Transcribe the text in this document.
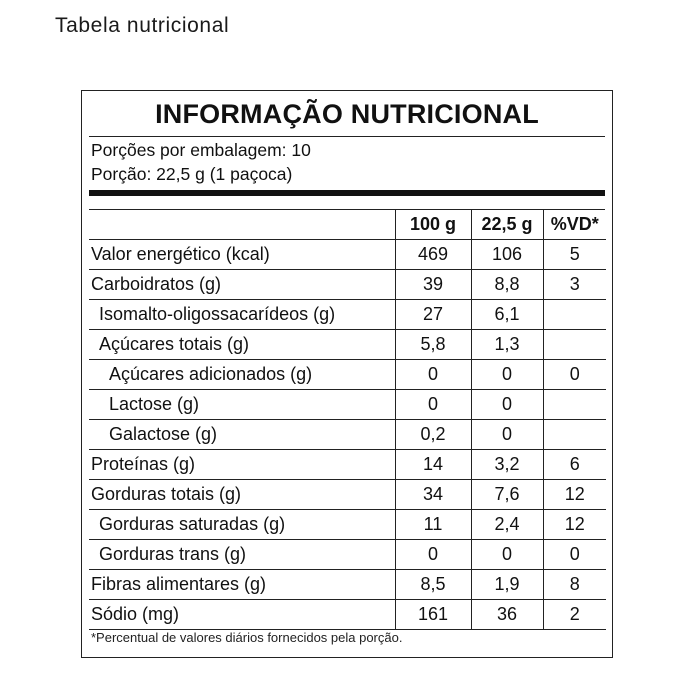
Tabela nutricional
INFORMAÇÃO NUTRICIONAL
Porções por embalagem: 10
Porção: 22,5 g (1 paçoca)
	100 g	22,5 g	%VD*
Valor energético (kcal)	469	106	5
Carboidratos (g)	39	8,8	3
Isomalto-oligossacarídeos (g)	27	6,1	
Açúcares totais (g)	5,8	1,3	
Açúcares adicionados (g)	0	0	0
Lactose (g)	0	0	
Galactose (g)	0,2	0	
Proteínas (g)	14	3,2	6
Gorduras totais (g)	34	7,6	12
Gorduras saturadas (g)	11	2,4	12
Gorduras trans (g)	0	0	0
Fibras alimentares (g)	8,5	1,9	8
Sódio (mg)	161	36	2
*Percentual de valores diários fornecidos pela porção.
